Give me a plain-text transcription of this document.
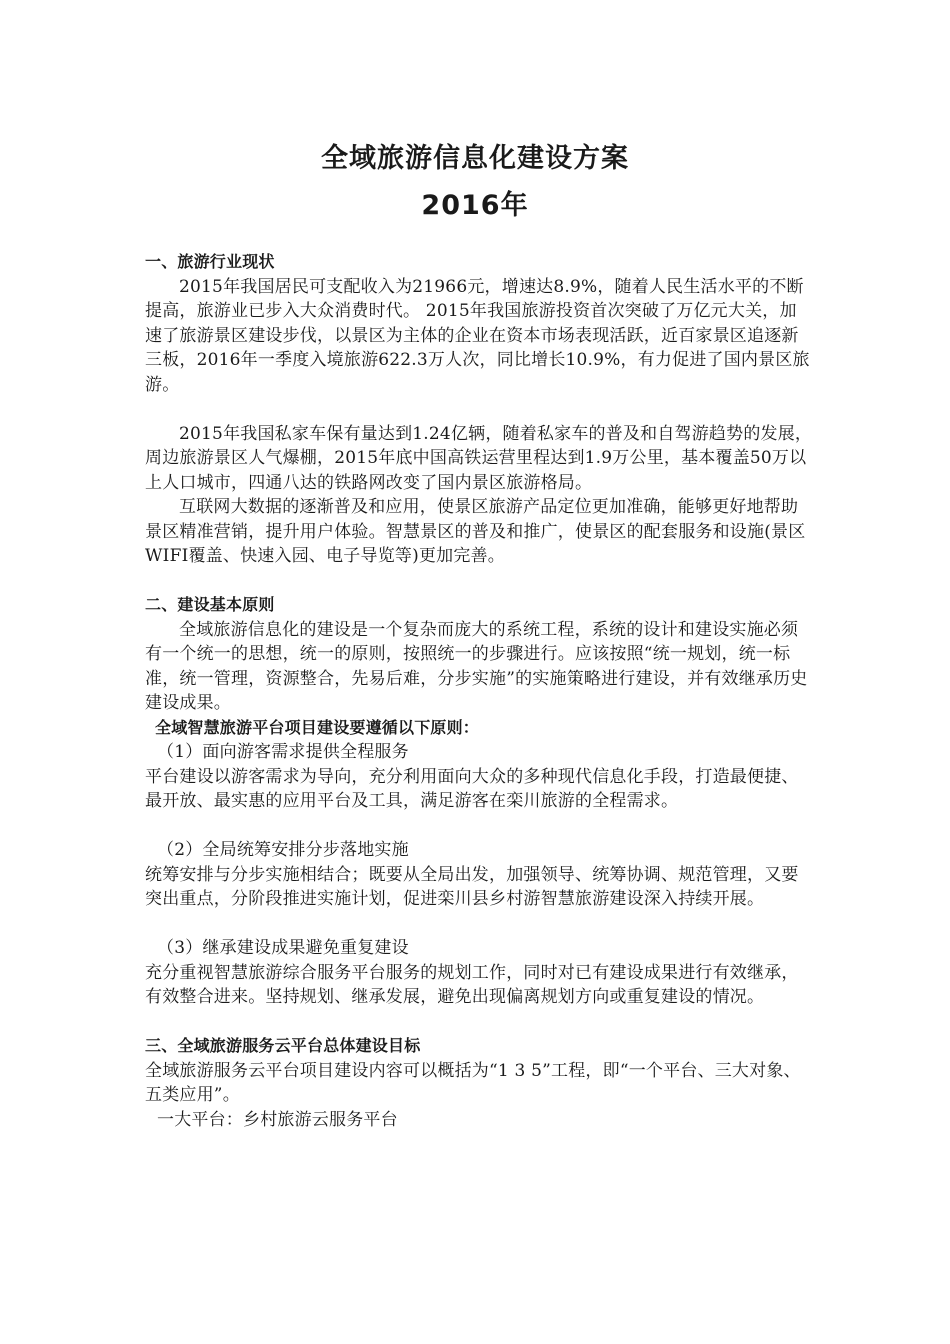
全域旅游信息化建设方案
2016年

一、旅游行业现状

2015年我国居民可支配收入为21966元，增速达8.9%，随着人民生活水平的不断提高，旅游业已步入大众消费时代。 2015年我国旅游投资首次突破了万亿元大关，加速了旅游景区建设步伐，以景区为主体的企业在资本市场表现活跃，近百家景区追逐新三板，2016年一季度入境旅游622.3万人次，同比增长10.9%，有力促进了国内景区旅游。

2015年我国私家车保有量达到1.24亿辆，随着私家车的普及和自驾游趋势的发展，周边旅游景区人气爆棚，2015年底中国高铁运营里程达到1.9万公里，基本覆盖50万以上人口城市，四通八达的铁路网改变了国内景区旅游格局。

互联网大数据的逐渐普及和应用，使景区旅游产品定位更加准确，能够更好地帮助景区精准营销，提升用户体验。智慧景区的普及和推广，使景区的配套服务和设施(景区WIFI覆盖、快速入园、电子导览等)更加完善。

二、建设基本原则

全域旅游信息化的建设是一个复杂而庞大的系统工程，系统的设计和建设实施必须有一个统一的思想，统一的原则，按照统一的步骤进行。应该按照“统一规划，统一标准，统一管理，资源整合，先易后难，分步实施”的实施策略进行建设，并有效继承历史建设成果。

全域智慧旅游平台项目建设要遵循以下原则：

（1）面向游客需求提供全程服务

平台建设以游客需求为导向，充分利用面向大众的多种现代信息化手段，打造最便捷、最开放、最实惠的应用平台及工具，满足游客在栾川旅游的全程需求。

（2）全局统筹安排分步落地实施

统筹安排与分步实施相结合；既要从全局出发，加强领导、统筹协调、规范管理，又要突出重点，分阶段推进实施计划，促进栾川县乡村游智慧旅游建设深入持续开展。

（3）继承建设成果避免重复建设

充分重视智慧旅游综合服务平台服务的规划工作，同时对已有建设成果进行有效继承，有效整合进来。坚持规划、继承发展，避免出现偏离规划方向或重复建设的情况。

三、全域旅游服务云平台总体建设目标

全域旅游服务云平台项目建设内容可以概括为“1 3 5”工程，即“一个平台、三大对象、五类应用”。

一大平台：乡村旅游云服务平台
